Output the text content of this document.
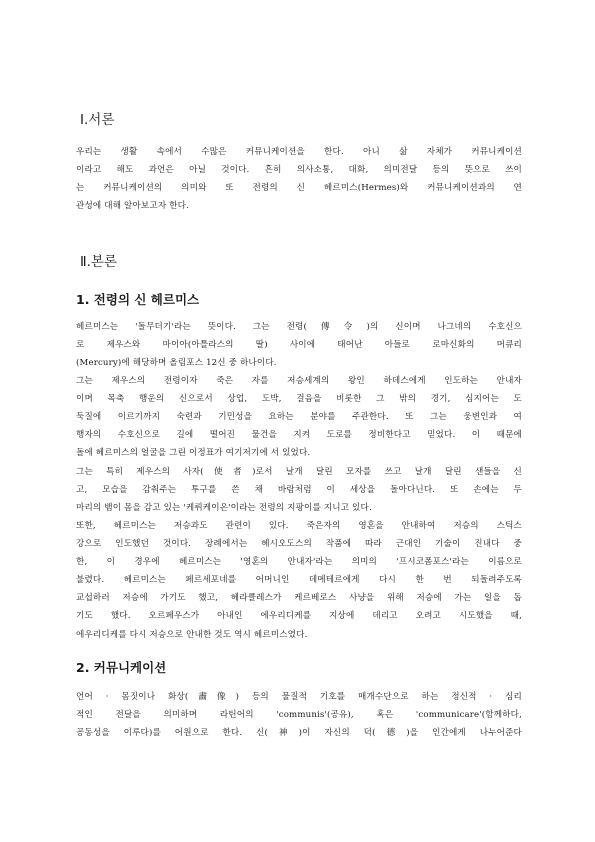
Ⅰ.서론
우리는 생활 속에서 수많은 커뮤니케이션을 한다. 아니 삶 자체가 커뮤니케이션
이라고 해도 과언은 아닐 것이다. 흔히 의사소통, 대화, 의미전달 등의 뜻으로 쓰이
는 커뮤니케이션의 의미와 또 전령의 신 헤르미스(Hermes)와 커뮤니케이션과의 연
관성에 대해 알아보고자 한다.
Ⅱ.본론
1. 전령의 신 헤르미스
헤르미스는 '돌무더기'라는 뜻이다. 그는 전령(傳令)의 신이며 나그네의 수호신으
로 제우스와 마이아(아틀라스의 딸) 사이에 태어난 아들로 로마신화의 머큐리
(Mercury)에 해당하며 올림포스 12신 중 하나이다.
그는 제우스의 전령이자 죽은 자를 저승세계의 왕인 하데스에게 인도하는 안내자
이며 목축 행운의 신으로서 상업, 도박, 걸음을 비롯한 그 밖의 경기, 심지어는 도
둑질에 이르기까지 숙련과 기민성을 요하는 분야를 주관한다. 또 그는 웅변인과 여
행자의 수호신으로 길에 떨어진 물건을 지켜 도로를 정비한다고 믿었다. 이 때문에
돌에 헤르미스의 얼굴을 그린 이정표가 여기저기에 서 있었다.
그는 특히 제우스의 사자(使者)로서 날개 달린 모자를 쓰고 날개 달린 샌들을 신
고, 모습을 감춰주는 투구를 쓴 채 바람처럼 이 세상을 돌아다닌다. 또 손에는 두
마리의 뱀이 몸을 감고 있는 '케뤼케이온'이라는 전령의 지팡이를 지니고 있다.
또한, 헤르미스는 저승과도 관련이 있다. 죽은자의 영혼을 안내하여 저승의 스틱스
강으로 인도했던 것이다. 장례에서는 헤시오도스의 작품에 따라 근대인 기술이 진내다 중
한, 이 경우에 헤르미스는 '영혼의 안내자'라는 의미의 '프시코폼포스'라는 이름으로
불렸다. 헤르미스는 페르세포네를 어머니인 데메테르에게 다시 한 번 되돌려주도록
교섭하러 저승에 가기도 했고, 헤라클레스가 케르베로스 사냥을 위해 저승에 가는 일을 돕
기도 했다. 오르페우스가 아내인 에우리디케를 지상에 데리고 오려고 시도했을 때,
에우리디케를 다시 저승으로 안내한 것도 역시 헤르미스였다.
2. 커뮤니케이션
언어 · 몸짓이나 화상(畵像) 등의 물질적 기호를 매개수단으로 하는 정신적 · 심리
적인 전달을 의미하며 라틴어의 'communis'(공유), 혹은 'communicare'(함께하다,
공동성을 이루다)를 어원으로 한다. 신(神)이 자신의 덕(德)을 인간에게 나누어준다
